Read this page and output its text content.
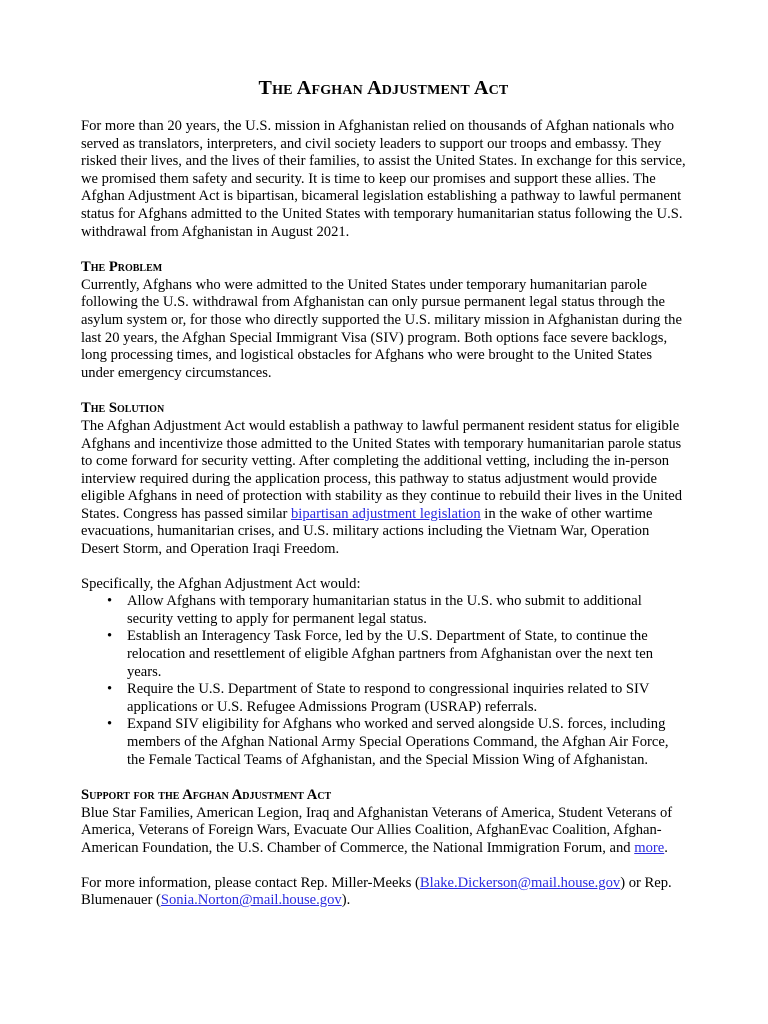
The Afghan Adjustment Act

For more than 20 years, the U.S. mission in Afghanistan relied on thousands of Afghan nationals who served as translators, interpreters, and civil society leaders to support our troops and embassy. They risked their lives, and the lives of their families, to assist the United States. In exchange for this service, we promised them safety and security. It is time to keep our promises and support these allies. The Afghan Adjustment Act is bipartisan, bicameral legislation establishing a pathway to lawful permanent status for Afghans admitted to the United States with temporary humanitarian status following the U.S. withdrawal from Afghanistan in August 2021.

The Problem

Currently, Afghans who were admitted to the United States under temporary humanitarian parole following the U.S. withdrawal from Afghanistan can only pursue permanent legal status through the asylum system or, for those who directly supported the U.S. military mission in Afghanistan during the last 20 years, the Afghan Special Immigrant Visa (SIV) program. Both options face severe backlogs, long processing times, and logistical obstacles for Afghans who were brought to the United States under emergency circumstances.

The Solution

The Afghan Adjustment Act would establish a pathway to lawful permanent resident status for eligible Afghans and incentivize those admitted to the United States with temporary humanitarian parole status to come forward for security vetting. After completing the additional vetting, including the in-person interview required during the application process, this pathway to status adjustment would provide eligible Afghans in need of protection with stability as they continue to rebuild their lives in the United States. Congress has passed similar bipartisan adjustment legislation in the wake of other wartime evacuations, humanitarian crises, and U.S. military actions including the Vietnam War, Operation Desert Storm, and Operation Iraqi Freedom.

Specifically, the Afghan Adjustment Act would:

• Allow Afghans with temporary humanitarian status in the U.S. who submit to additional security vetting to apply for permanent legal status.
• Establish an Interagency Task Force, led by the U.S. Department of State, to continue the relocation and resettlement of eligible Afghan partners from Afghanistan over the next ten years.
• Require the U.S. Department of State to respond to congressional inquiries related to SIV applications or U.S. Refugee Admissions Program (USRAP) referrals.
• Expand SIV eligibility for Afghans who worked and served alongside U.S. forces, including members of the Afghan National Army Special Operations Command, the Afghan Air Force, the Female Tactical Teams of Afghanistan, and the Special Mission Wing of Afghanistan.

Support for the Afghan Adjustment Act

Blue Star Families, American Legion, Iraq and Afghanistan Veterans of America, Student Veterans of America, Veterans of Foreign Wars, Evacuate Our Allies Coalition, AfghanEvac Coalition, Afghan-American Foundation, the U.S. Chamber of Commerce, the National Immigration Forum, and more.

For more information, please contact Rep. Miller-Meeks (Blake.Dickerson@mail.house.gov) or Rep. Blumenauer (Sonia.Norton@mail.house.gov).
